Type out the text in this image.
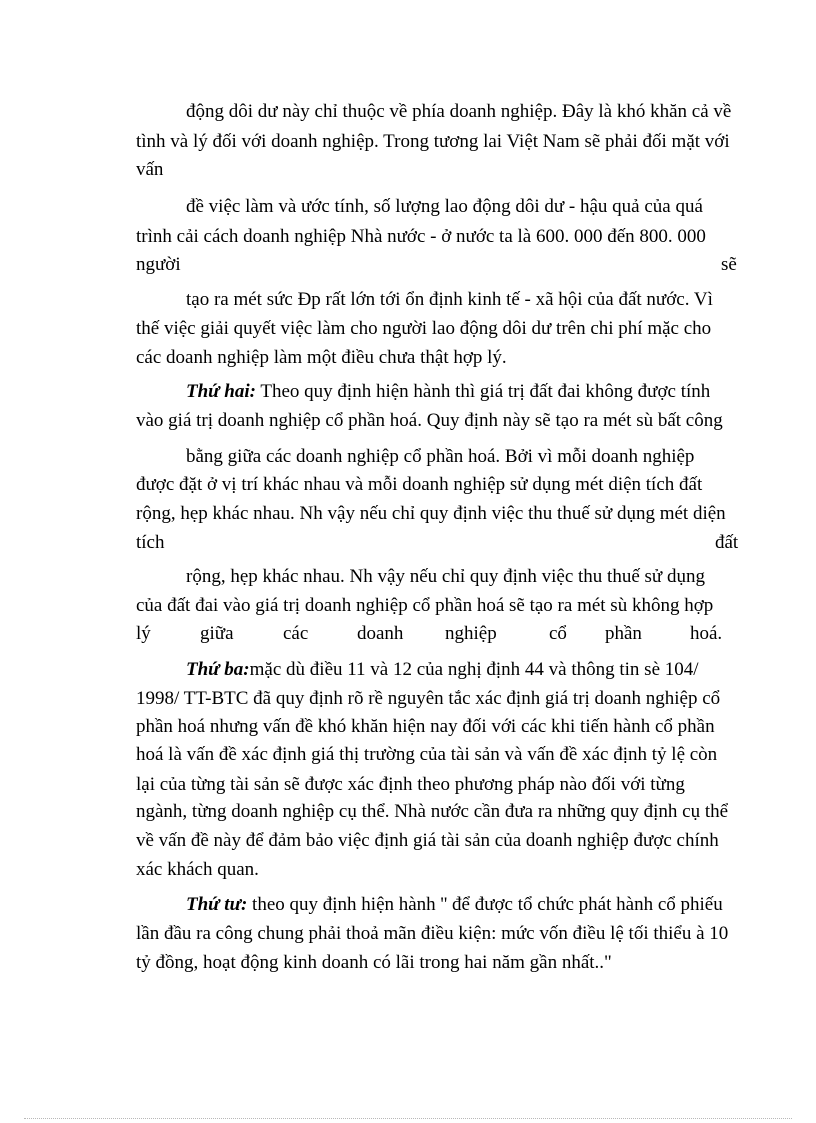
động dôi dư này chỉ thuộc về phía doanh nghiệp. Đây là khó khăn cả về
tình và lý đối với doanh nghiệp. Trong tương lai Việt Nam sẽ phải đối mặt với
vấn
đề việc làm và ước tính, số lượng lao động dôi dư - hậu quả của quá
trình cải cách doanh nghiệp Nhà nước - ở nước ta là 600. 000 đến 800. 000
người	sẽ
tạo ra mét sức Ðp rất lớn tới ổn định kinh tế - xã hội của đất nước. Vì
thế việc giải quyết việc làm cho người lao động dôi dư trên chi phí mặc cho
các doanh nghiệp làm một điều chưa thật hợp lý.
Thứ hai: Theo quy định hiện hành thì giá trị đất đai không được tính
vào giá trị doanh nghiệp cổ phần hoá. Quy định này sẽ tạo ra mét sù bất công
bằng giữa các doanh nghiệp cổ phần hoá. Bởi vì mỗi doanh nghiệp
được đặt ở vị trí khác nhau và mỗi doanh nghiệp sử dụng mét diện tích đất
rộng, hẹp khác nhau. Nh vậy nếu chỉ quy định việc thu thuế sử dụng mét diện
tích	đất
rộng, hẹp khác nhau. Nh vậy nếu chỉ quy định việc thu thuế sử dụng
của đất đai vào giá trị doanh nghiệp cổ phần hoá sẽ tạo ra mét sù không hợp
lý	giữa	các	doanh nghiệp	cổ phần	hoá.
Thứ ba:mặc dù điều 11 và 12 của nghị định 44 và thông tin sè 104/
1998/ TT-BTC đã quy định rõ rề nguyên tắc xác định giá trị doanh nghiệp cổ
phần hoá nhưng vấn đề khó khăn hiện nay đối với các khi tiến hành cổ phần
hoá là vấn đề xác định giá thị trường của tài sản và vấn đề xác định tỷ lệ còn
lại của từng tài sản sẽ được xác định theo phương pháp nào đối với từng
ngành, từng doanh nghiệp cụ thể. Nhà nước cần đưa ra những quy định cụ thể
về vấn đề này để đảm bảo việc định giá tài sản của doanh nghiệp được chính
xác khách quan.
Thứ tư: theo quy định hiện hành '' để được tổ chức phát hành cổ phiếu
lần đầu ra công chung phải thoả mãn điều kiện: mức vốn điều lệ tối thiểu à 10
tỷ đồng, hoạt động kinh doanh có lãi trong hai năm gần nhất.."
